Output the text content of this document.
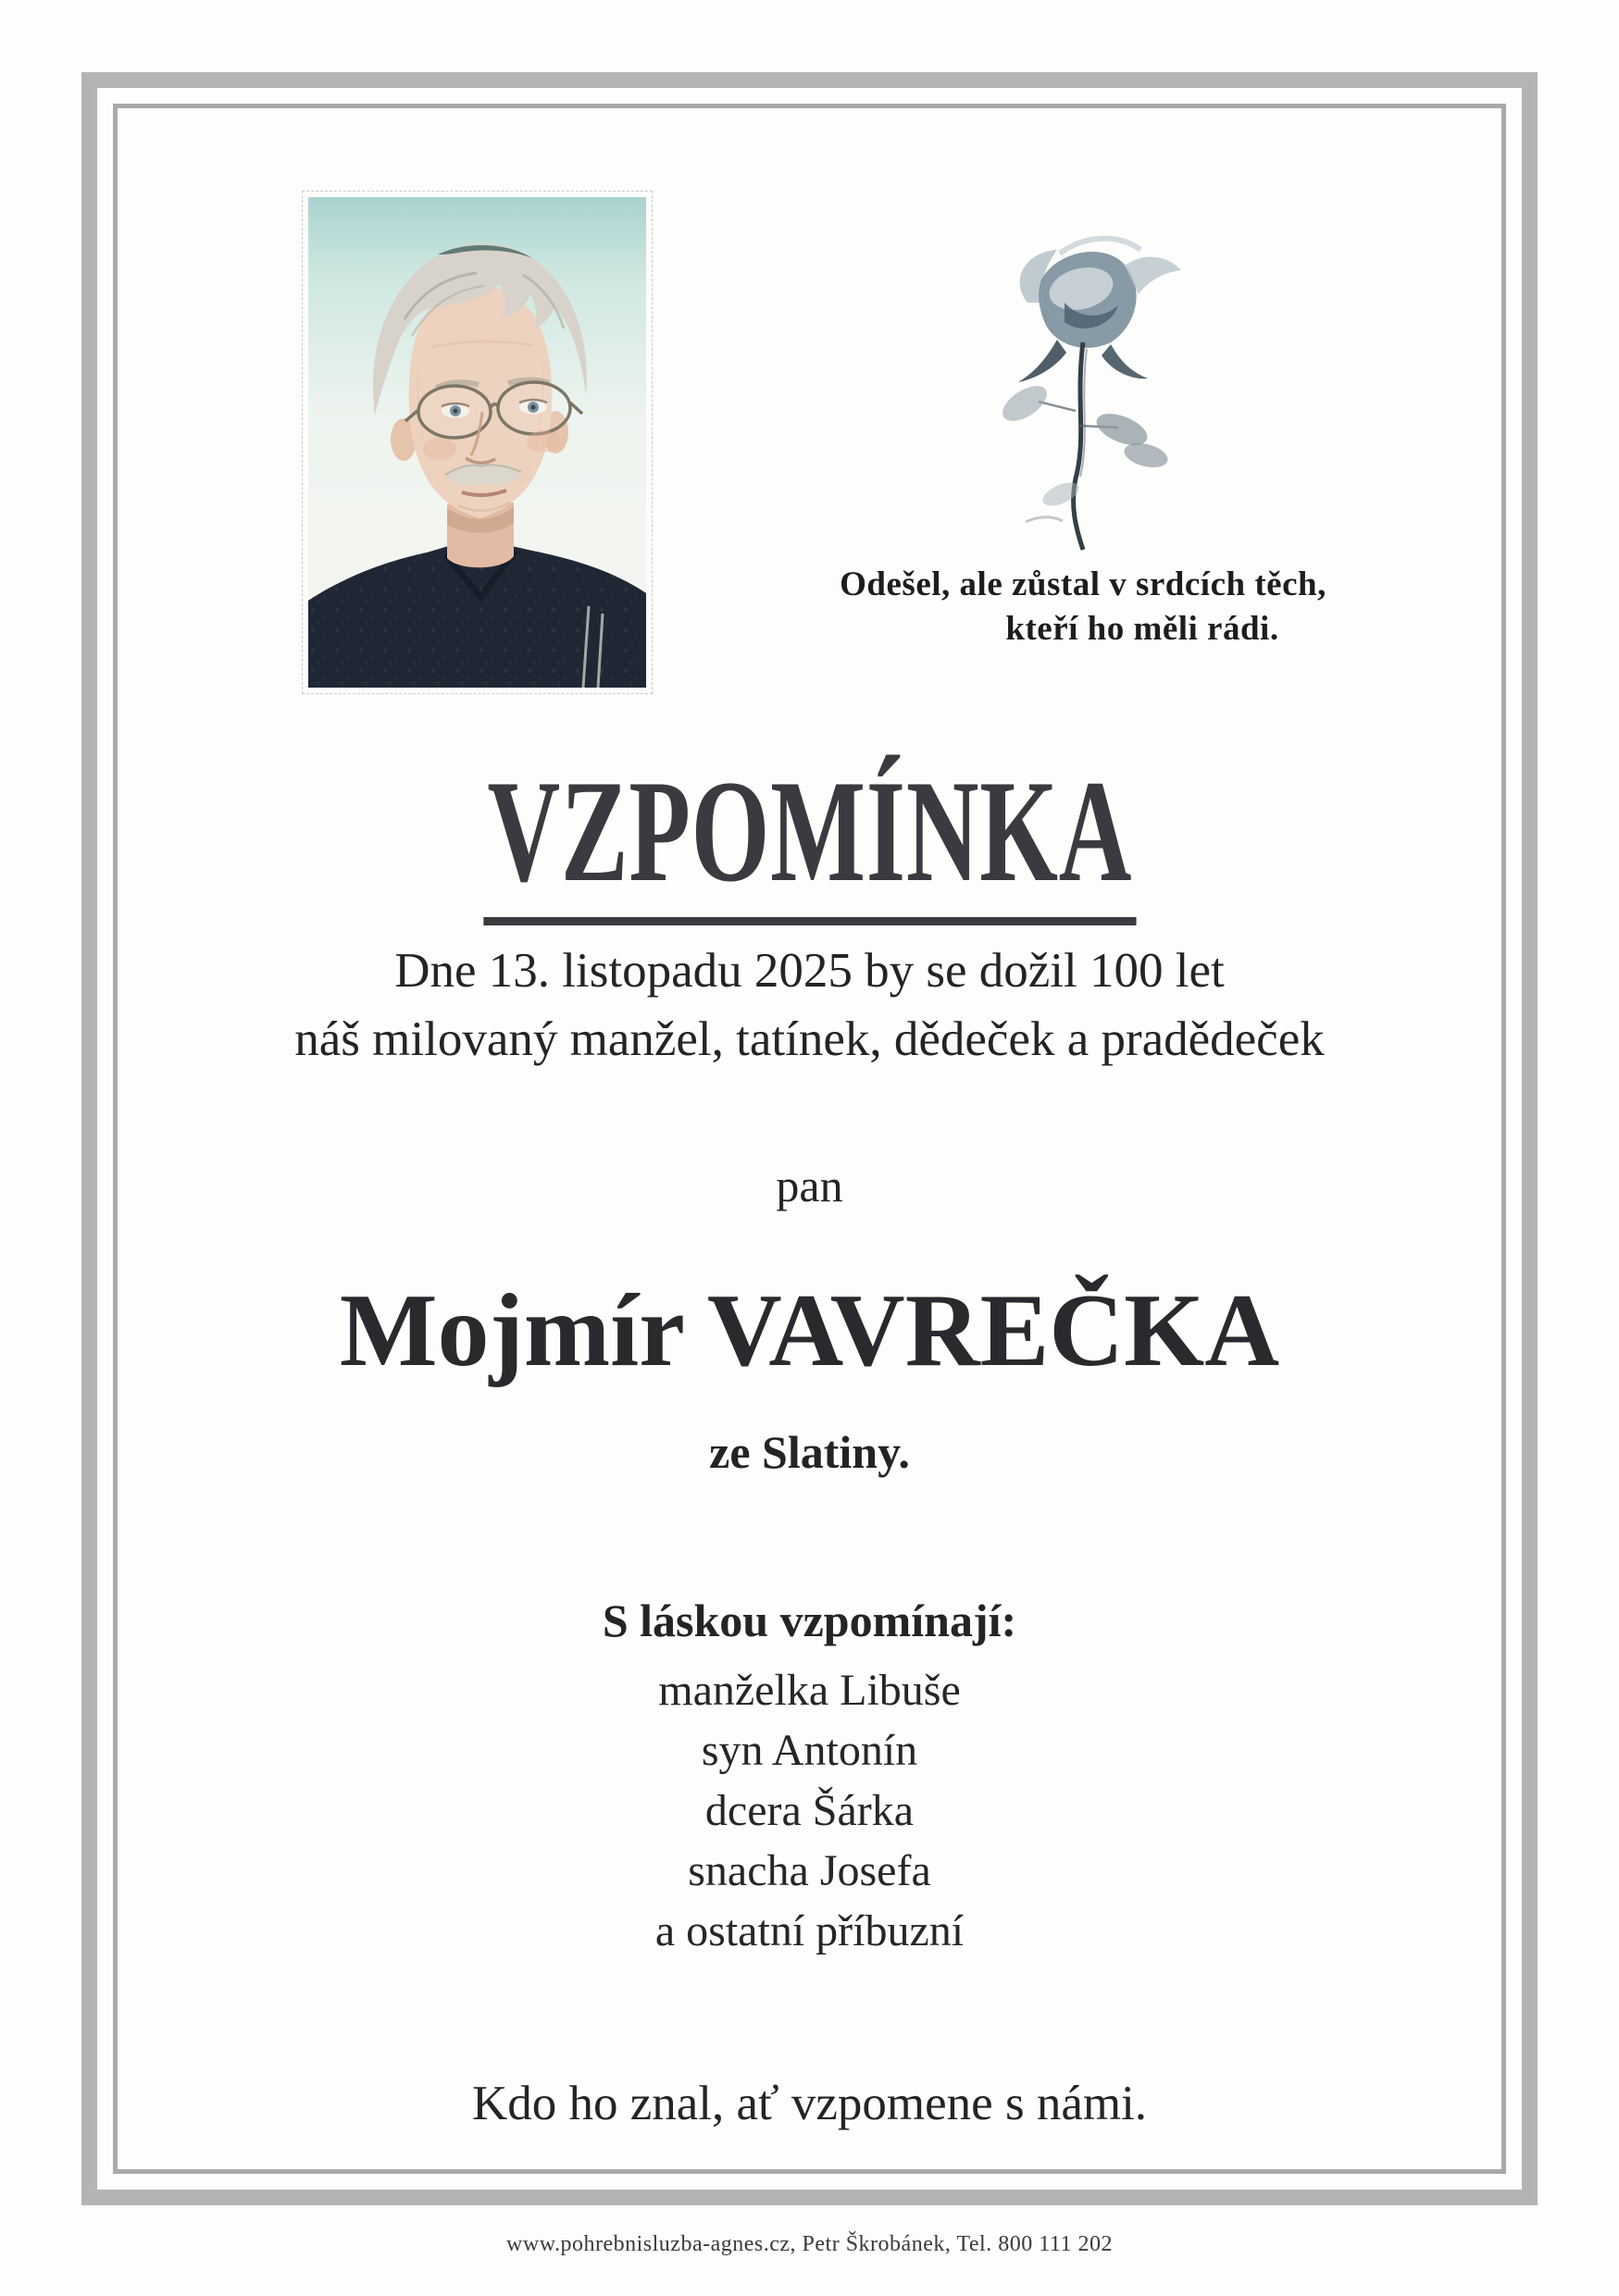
Odešel, ale zůstal v srdcích těch,
kteří ho měli rádi.
VZPOMÍNKA
Dne 13. listopadu 2025 by se dožil 100 let
náš milovaný manžel, tatínek, dědeček a pradědeček
pan
Mojmír VAVREČKA
ze Slatiny.
S láskou vzpomínají:
manželka Libuše
syn Antonín
dcera Šárka
snacha Josefa
a ostatní příbuzní
Kdo ho znal, ať vzpomene s námi.
www.pohrebnisluzba-agnes.cz, Petr Škrobánek, Tel. 800 111 202
